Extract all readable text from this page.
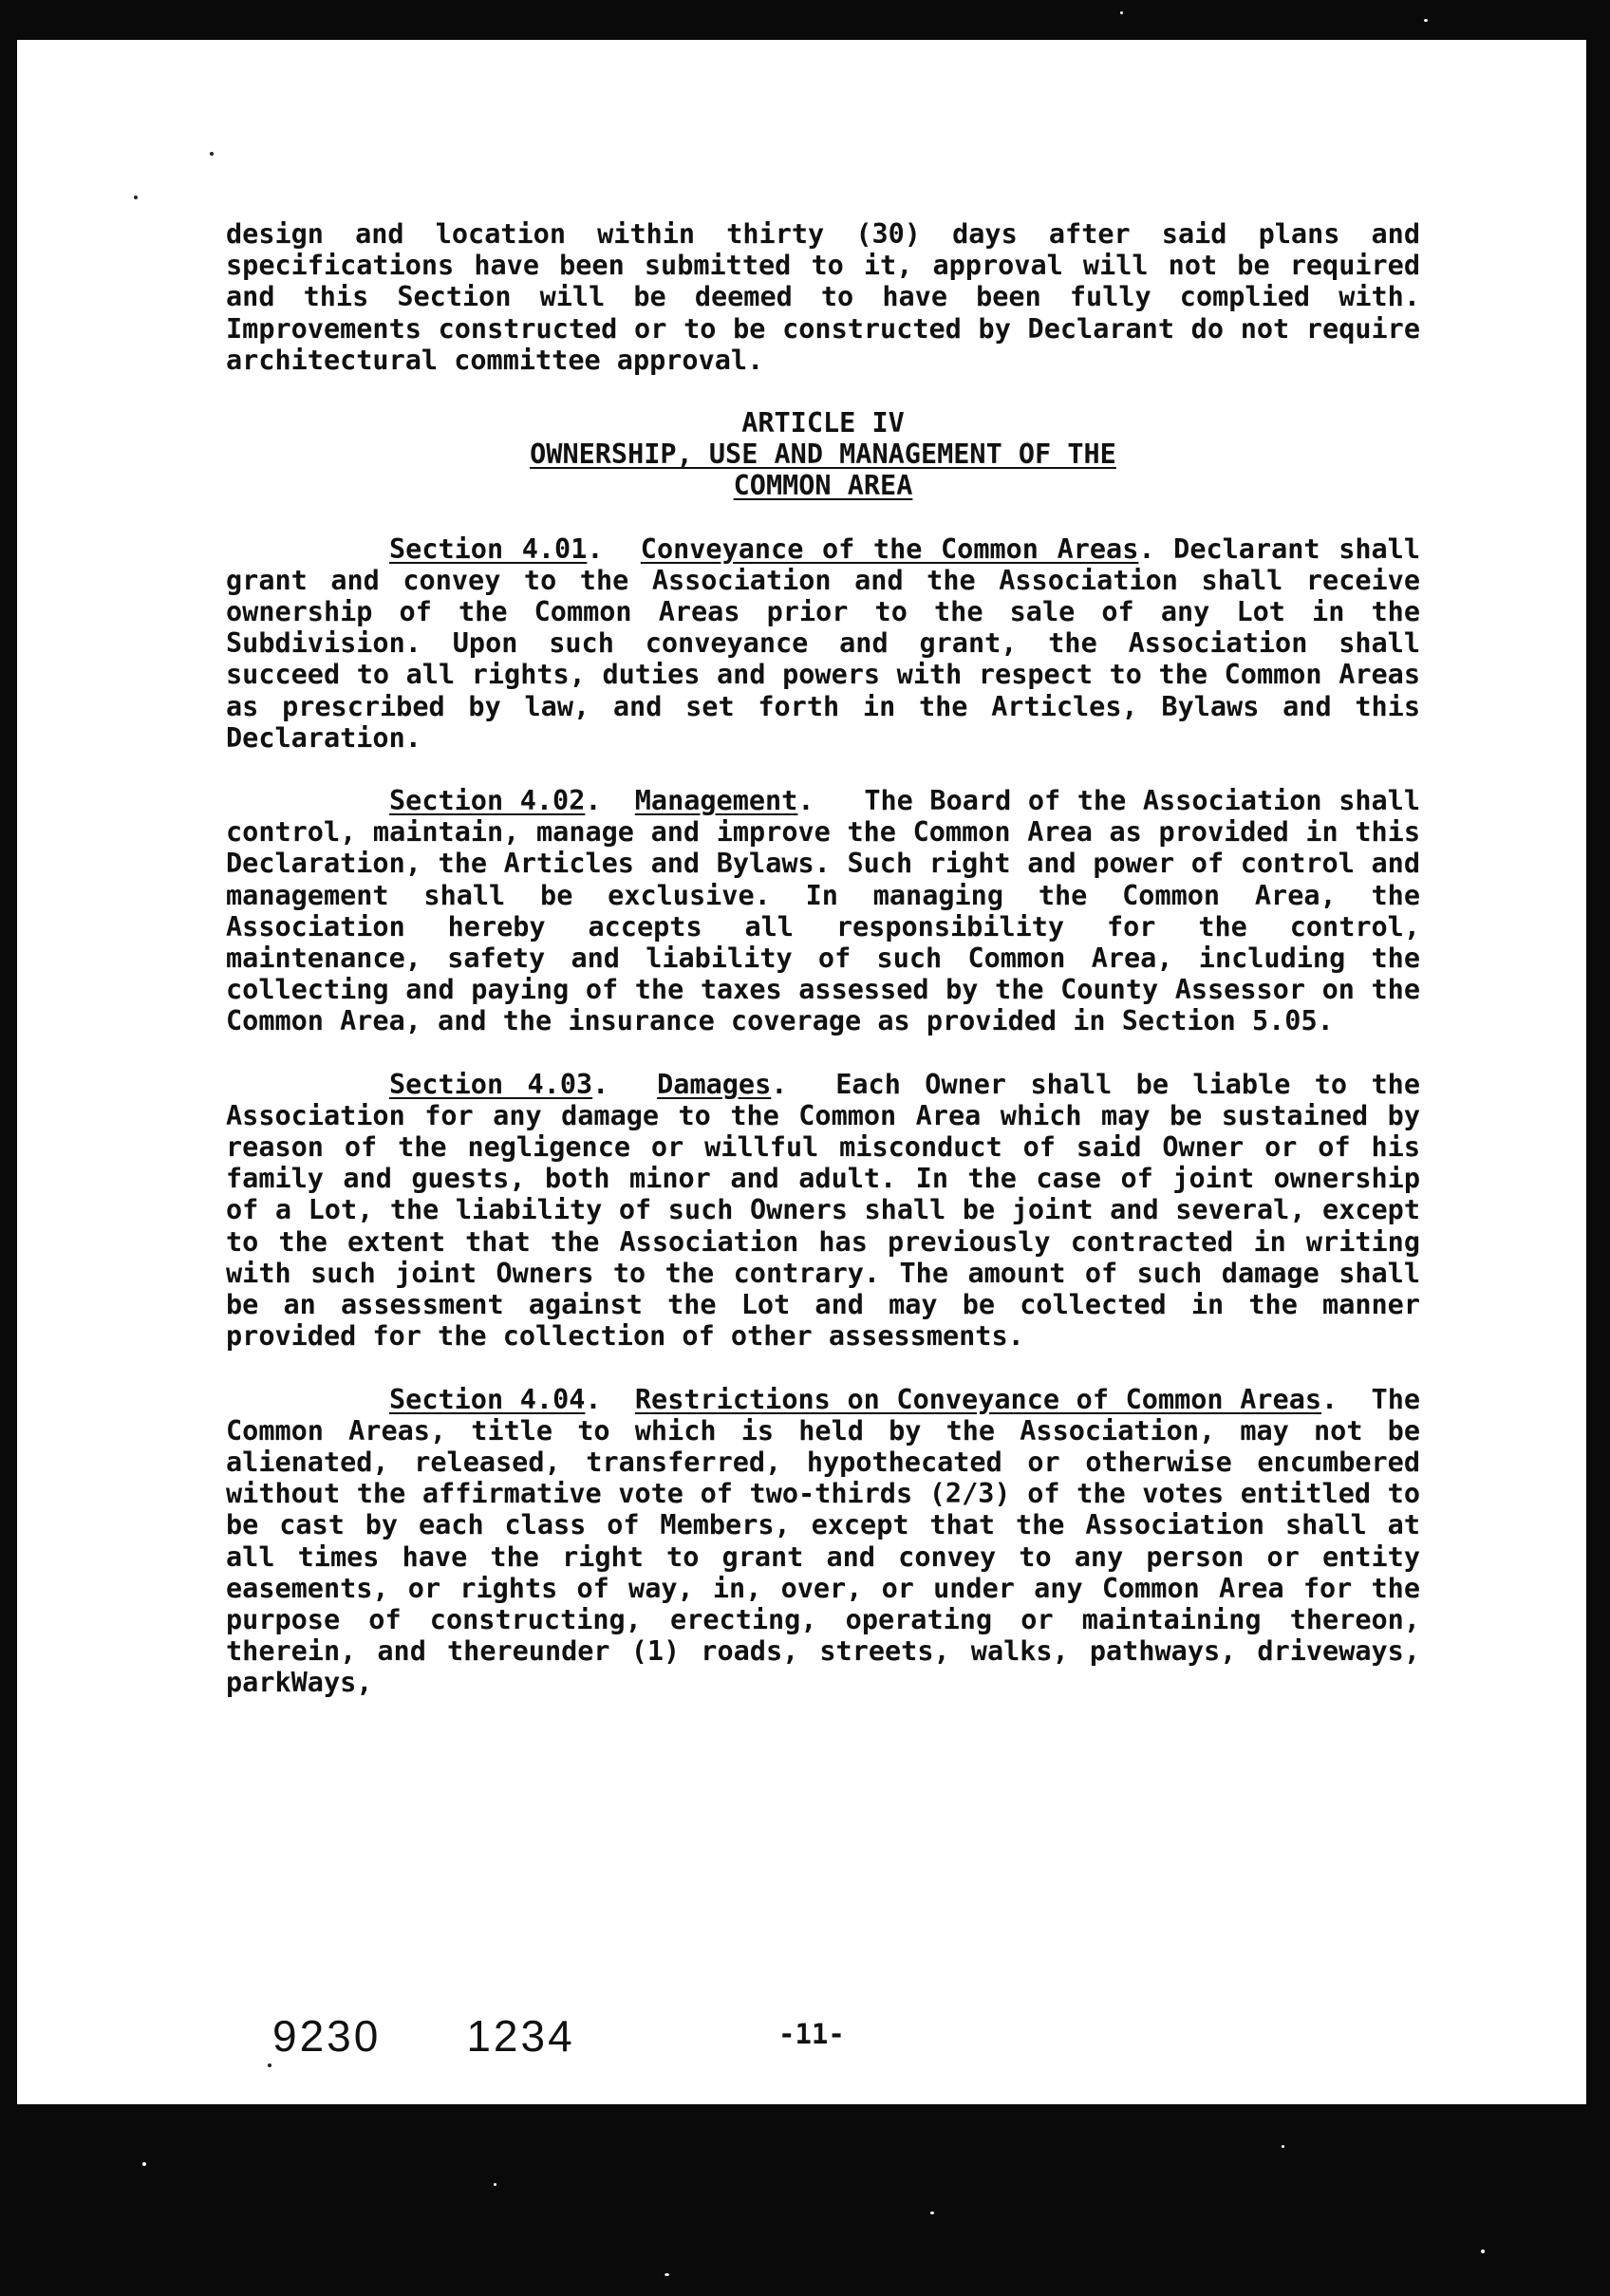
design and location within thirty (30) days after said plans and specifications have been submitted to it, approval will not be required and this Section will be deemed to have been fully complied with. Improvements constructed or to be constructed by Declarant do not require architectural committee approval.

ARTICLE IV

OWNERSHIP, USE AND MANAGEMENT OF THE

COMMON AREA

Section 4.01.  Conveyance of the Common Areas. Declarant shall grant and convey to the Association and the Association shall receive ownership of the Common Areas prior to the sale of any Lot in the Subdivision. Upon such conveyance and grant, the Association shall succeed to all rights, duties and powers with respect to the Common Areas as prescribed by law, and set forth in the Articles, Bylaws and this Declaration.

Section 4.02.  Management.   The Board of the Association shall control, maintain, manage and improve the Common Area as provided in this Declaration, the Articles and Bylaws. Such right and power of control and management shall be exclusive. In managing the Common Area, the Association hereby accepts all responsibility for the control, maintenance, safety and liability of such Common Area, including the collecting and paying of the taxes assessed by the County Assessor on the Common Area, and the insurance coverage as provided in Section 5.05.

Section 4.03.  Damages.  Each Owner shall be liable to the Association for any damage to the Common Area which may be sustained by reason of the negligence or willful misconduct of said Owner or of his family and guests, both minor and adult. In the case of joint ownership of a Lot, the liability of such Owners shall be joint and several, except to the extent that the Association has previously contracted in writing with such joint Owners to the contrary. The amount of such damage shall be an assessment against the Lot and may be collected in the manner provided for the collection of other assessments.

Section 4.04.  Restrictions on Conveyance of Common Areas.  The Common Areas, title to which is held by the Association, may not be alienated, released, transferred, hypothecated or otherwise encumbered without the affirmative vote of two-thirds (2/3) of the votes entitled to be cast by each class of Members, except that the Association shall at all times have the right to grant and convey to any person or entity easements, or rights of way, in, over, or under any Common Area for the purpose of constructing, erecting, operating or maintaining thereon, therein, and thereunder (1) roads, streets, walks, pathways, driveways, parkWays,

9230 1234	-11-
